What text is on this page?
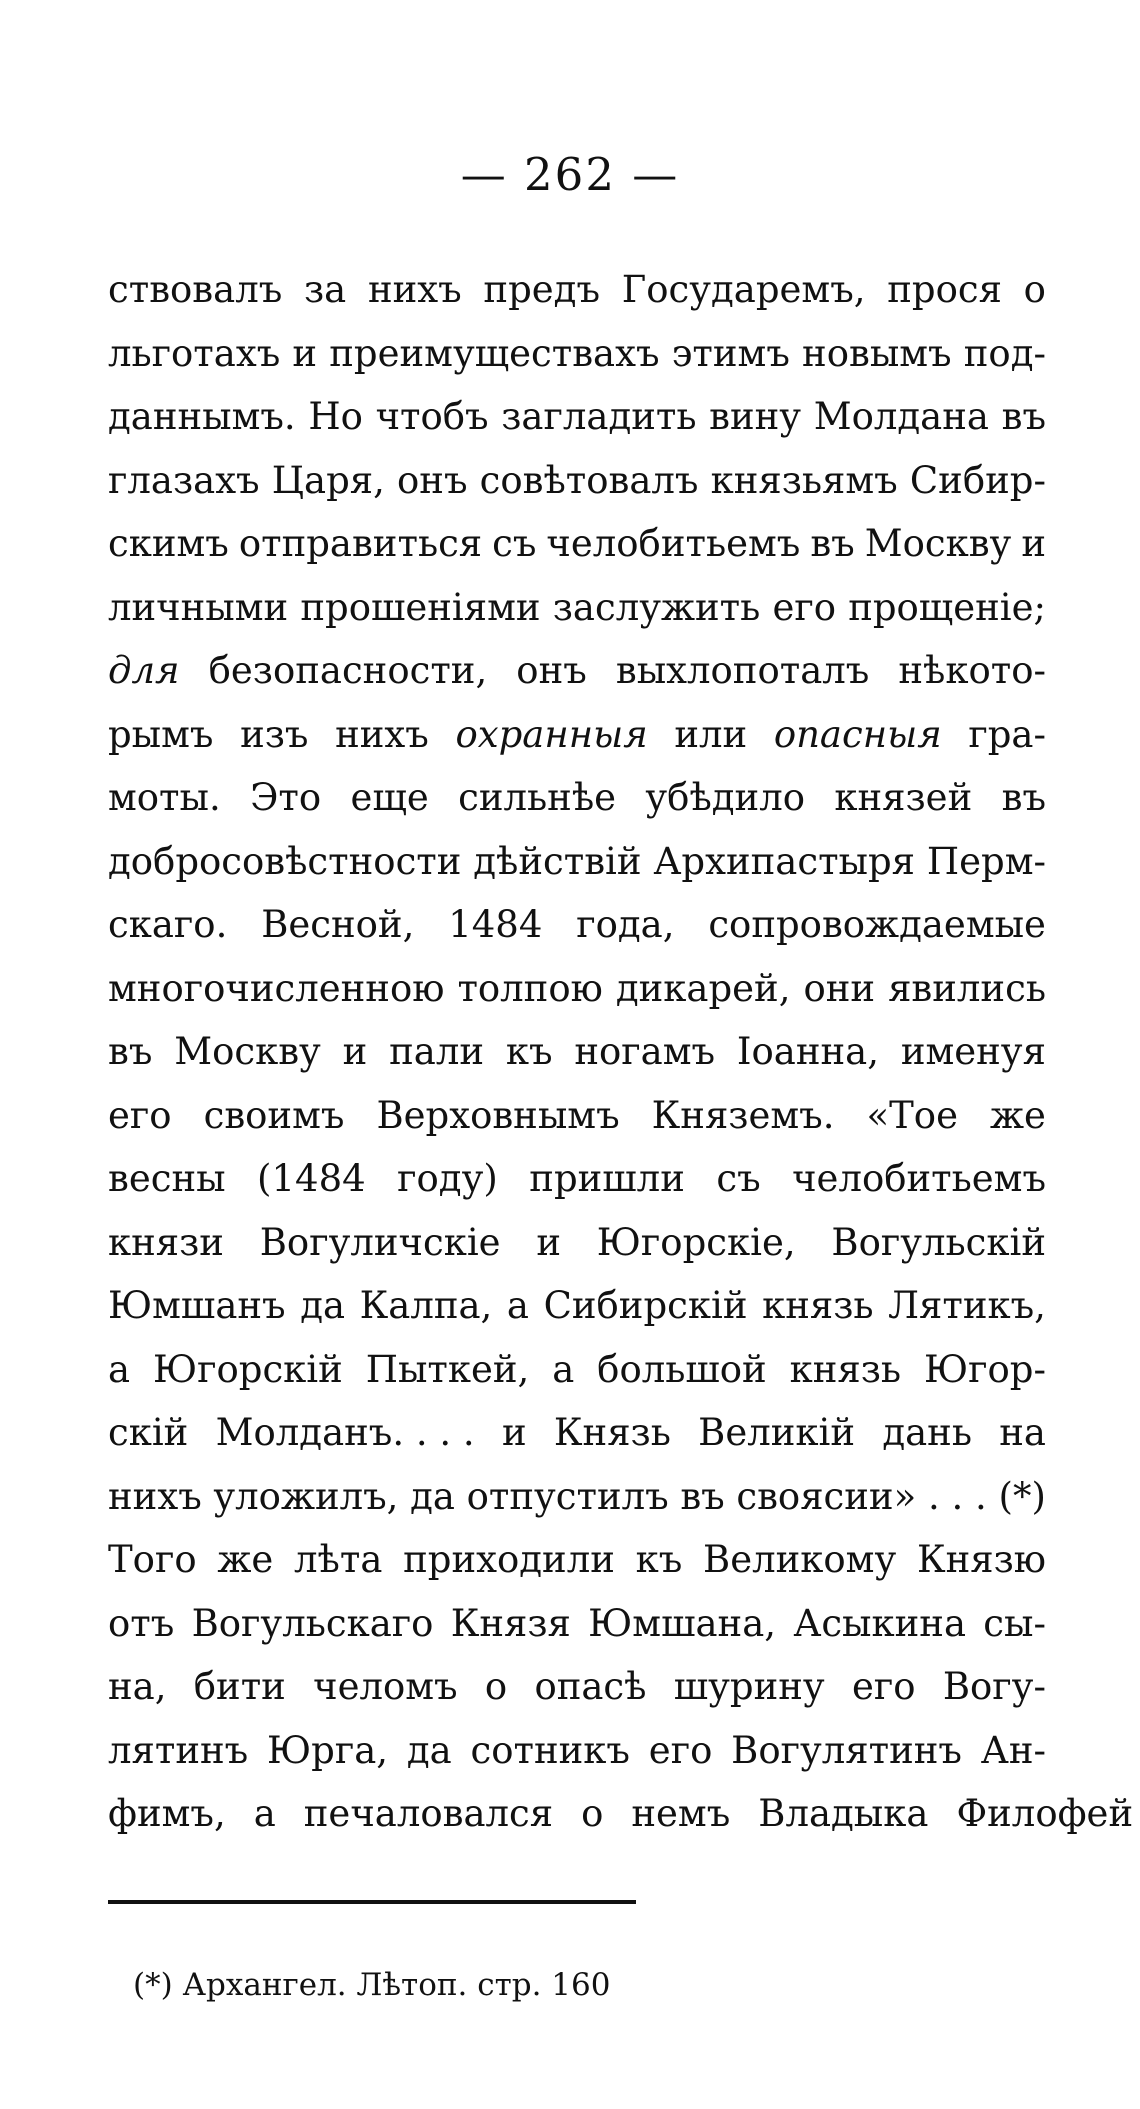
— 262 —
ствовалъ за нихъ предъ Государемъ, прося о
льготахъ и преимуществахъ этимъ новымъ под-
даннымъ. Но чтобъ загладить вину Молдана въ
глазахъ Царя, онъ совѣтовалъ князьямъ Сибир-
скимъ отправиться съ челобитьемъ въ Москву и
личными прошеніями заслужить его прощеніе;
для безопасности, онъ выхлопоталъ нѣкото-
рымъ изъ нихъ охранныя или опасныя гра-
моты. Это еще сильнѣе убѣдило князей въ
добросовѣстности дѣйствій Архипастыря Перм-
скаго. Весной, 1484 года, сопровождаемые
многочисленною толпою дикарей, они явились
въ Москву и пали къ ногамъ Іоанна, именуя
его своимъ Верховнымъ Княземъ. «Тое же
весны (1484 году) пришли съ челобитьемъ
князи Вогуличскіе и Югорскіе, Вогульскій
Юмшанъ да Калпа, а Сибирскій князь Лятикъ,
а Югорскій Пыткей, а большой князь Югор-
скій Молданъ. . . . и Князь Великій дань на
нихъ уложилъ, да отпустилъ въ своясии» . . . (*)
Того же лѣта приходили къ Великому Князю
отъ Вогульскаго Князя Юмшана, Асыкина сы-
на, бити челомъ о опасѣ шурину его Вогу-
лятинъ Юрга, да сотникъ его Вогулятинъ Ан-
фимъ, а печаловался о немъ Владыка Филофей
(*) Архангел. Лѣтоп. стр. 160
